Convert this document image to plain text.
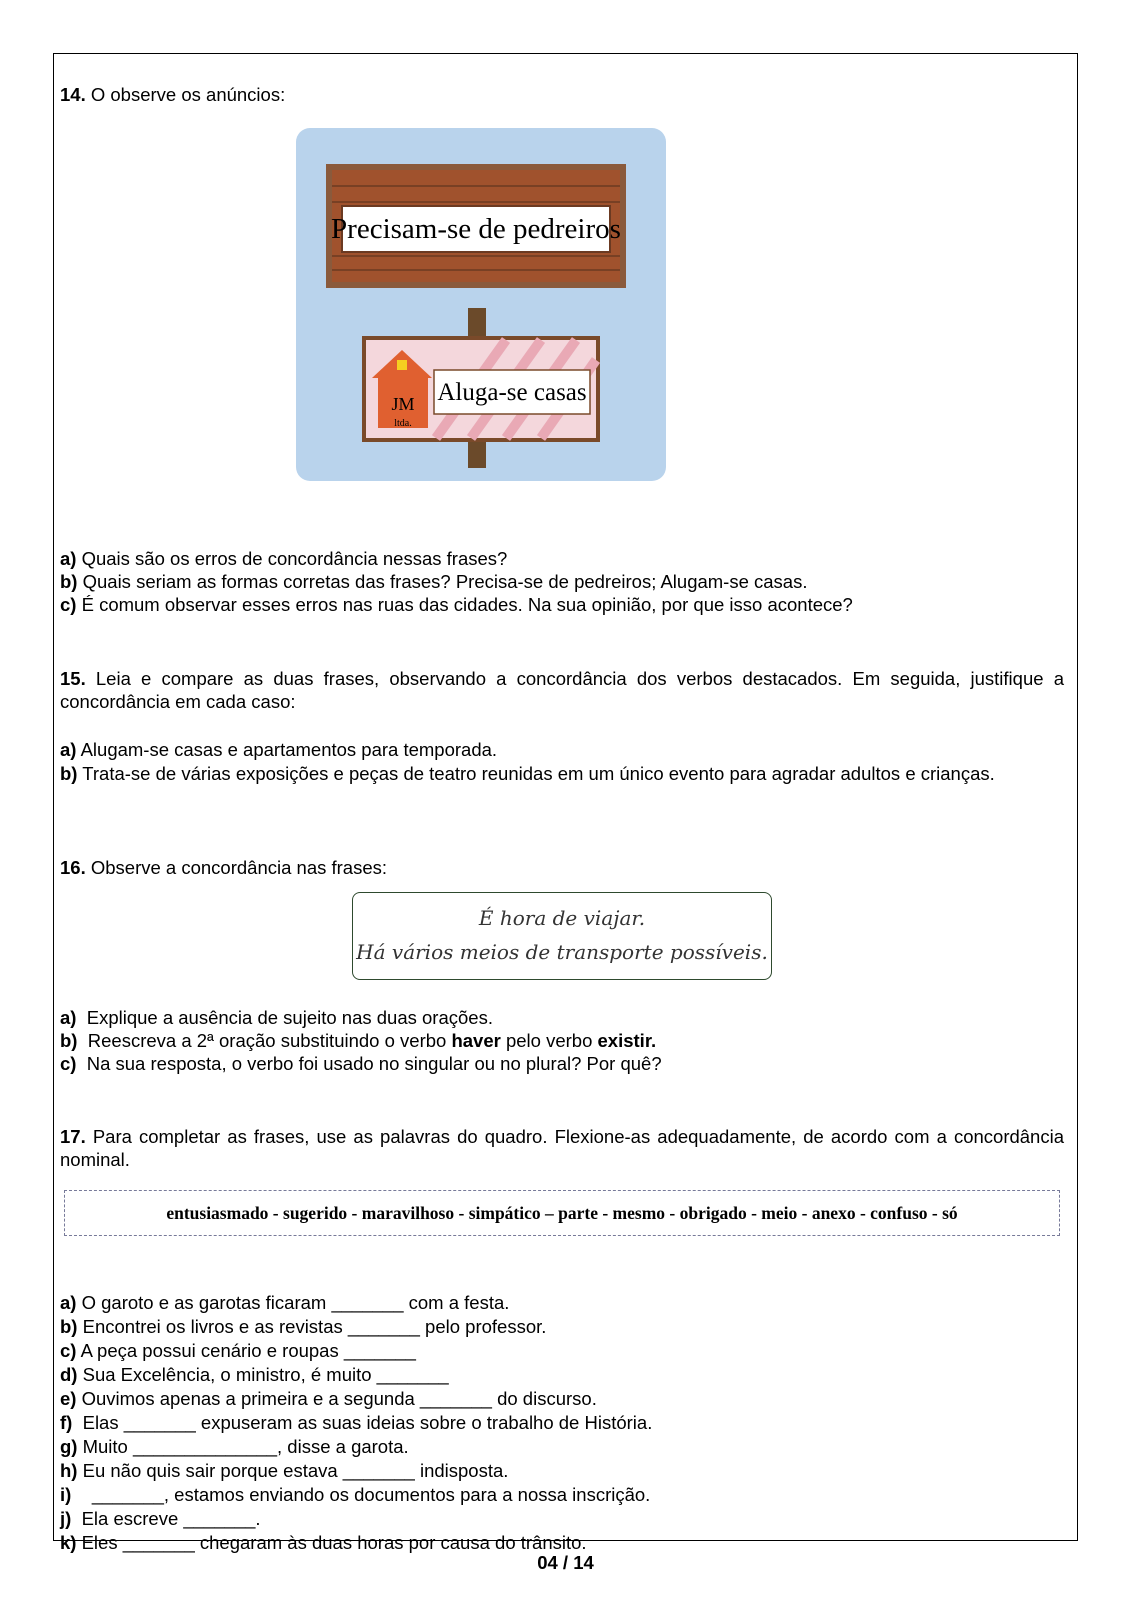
14. O observe os anúncios:
Precisam-se de pedreiros
JM
ltda.
Aluga-se casas
a) Quais são os erros de concordância nessas frases?
b) Quais seriam as formas corretas das frases? Precisa-se de pedreiros; Alugam-se casas.
c) É comum observar esses erros nas ruas das cidades. Na sua opinião, por que isso acontece?
15. Leia e compare as duas frases, observando a concordância dos verbos destacados. Em seguida, justifique a concordância em cada caso:
a) Alugam-se casas e apartamentos para temporada.
b) Trata-se de várias exposições e peças de teatro reunidas em um único evento para agradar adultos e crianças.
16. Observe a concordância nas frases:
É hora de viajar.
Há vários meios de transporte possíveis.
a) Explique a ausência de sujeito nas duas orações.
b) Reescreva a 2ª oração substituindo o verbo haver pelo verbo existir.
c) Na sua resposta, o verbo foi usado no singular ou no plural? Por quê?
17. Para completar as frases, use as palavras do quadro. Flexione-as adequadamente, de acordo com a concordância nominal.
entusiasmado - sugerido - maravilhoso - simpático – parte - mesmo - obrigado - meio - anexo - confuso - só
a) O garoto e as garotas ficaram _______ com a festa.
b) Encontrei os livros e as revistas _______ pelo professor.
c) A peça possui cenário e roupas _______
d) Sua Excelência, o ministro, é muito _______
e) Ouvimos apenas a primeira e a segunda _______ do discurso.
f) Elas _______ expuseram as suas ideias sobre o trabalho de História.
g) Muito ______________, disse a garota.
h) Eu não quis sair porque estava _______ indisposta.
i) _______, estamos enviando os documentos para a nossa inscrição.
j) Ela escreve _______.
k) Eles _______ chegaram às duas horas por causa do trânsito.
04 / 14
